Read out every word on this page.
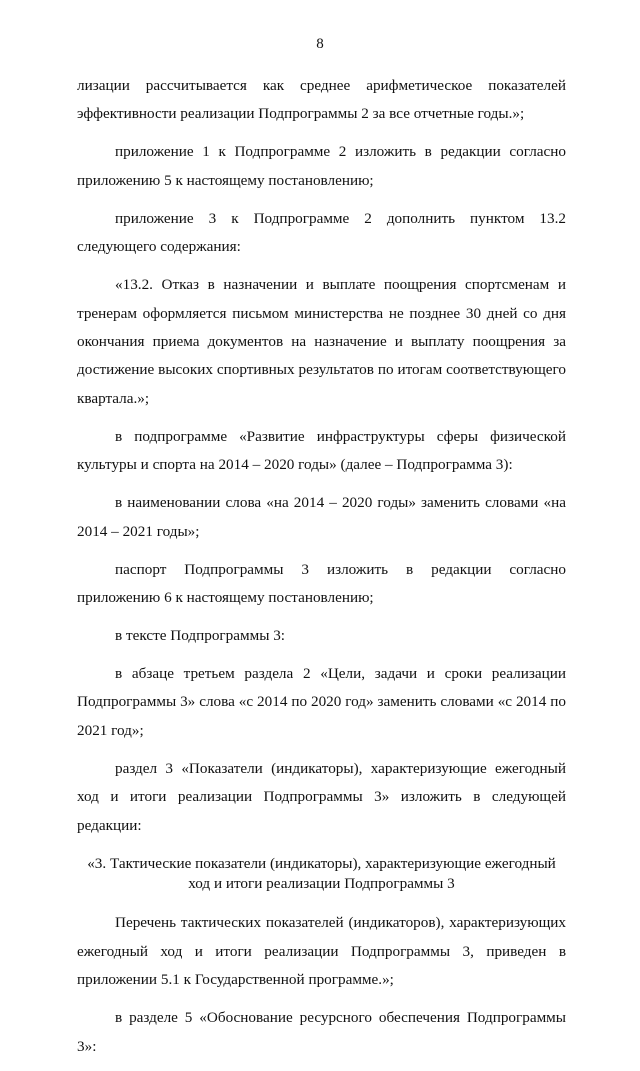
8

лизации рассчитывается как среднее арифметическое показателей эффективности реализации Подпрограммы 2 за все отчетные годы.»;

приложение 1 к Подпрограмме 2 изложить в редакции согласно приложению 5 к настоящему постановлению;

приложение 3 к Подпрограмме 2 дополнить пунктом 13.2 следующего содержания:

«13.2. Отказ в назначении и выплате поощрения спортсменам и тренерам оформляется письмом министерства не позднее 30 дней со дня окончания приема документов на назначение и выплату поощрения за достижение высоких спортивных результатов по итогам соответствующего квартала.»;

в подпрограмме «Развитие инфраструктуры сферы физической культуры и спорта на 2014 – 2020 годы» (далее – Подпрограмма 3):

в наименовании слова «на 2014 – 2020 годы» заменить словами «на 2014 – 2021 годы»;

паспорт Подпрограммы 3 изложить в редакции согласно приложению 6 к настоящему постановлению;

в тексте Подпрограммы 3:

в абзаце третьем раздела 2 «Цели, задачи и сроки реализации Подпрограммы 3» слова «с 2014 по 2020 год» заменить словами «с 2014 по 2021 год»;

раздел 3 «Показатели (индикаторы), характеризующие ежегодный ход и итоги реализации Подпрограммы 3» изложить в следующей редакции:

«3. Тактические показатели (индикаторы), характеризующие ежегодный
ход и итоги реализации Подпрограммы 3

Перечень тактических показателей (индикаторов), характеризующих ежегодный ход и итоги реализации Подпрограммы 3, приведен в приложении 5.1 к Государственной программе.»;

в разделе 5 «Обоснование ресурсного обеспечения Подпрограммы 3»:
